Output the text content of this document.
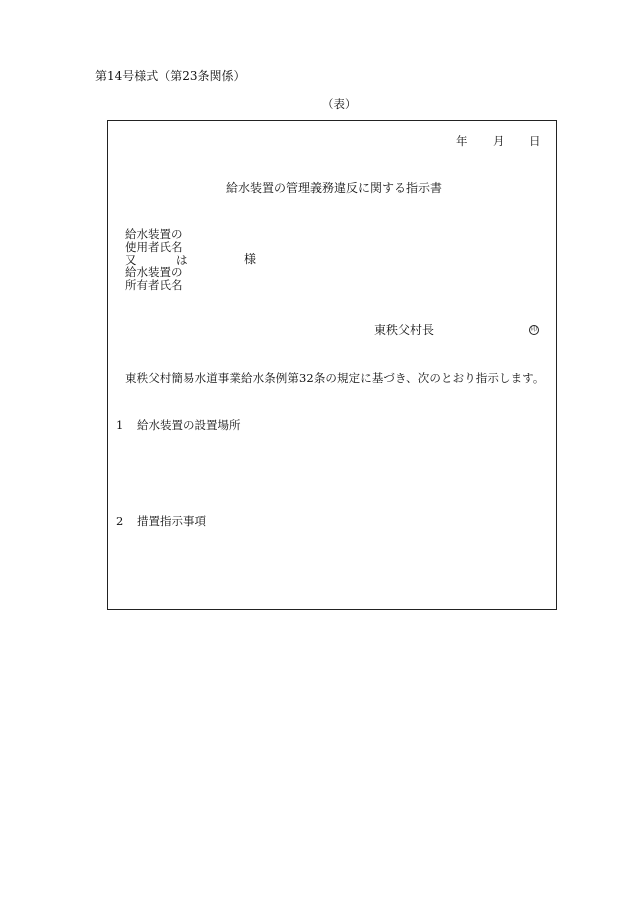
第14号様式（第23条関係）
（表）
年 月 日
給水装置の管理義務違反に関する指示書
給水装置の
使用者氏名
又	は
給水装置の
所有者氏名
様
東秩父村長	印
東秩父村簡易水道事業給水条例第32条の規定に基づき、次のとおり指示します。
1 給水装置の設置場所
2 措置指示事項
